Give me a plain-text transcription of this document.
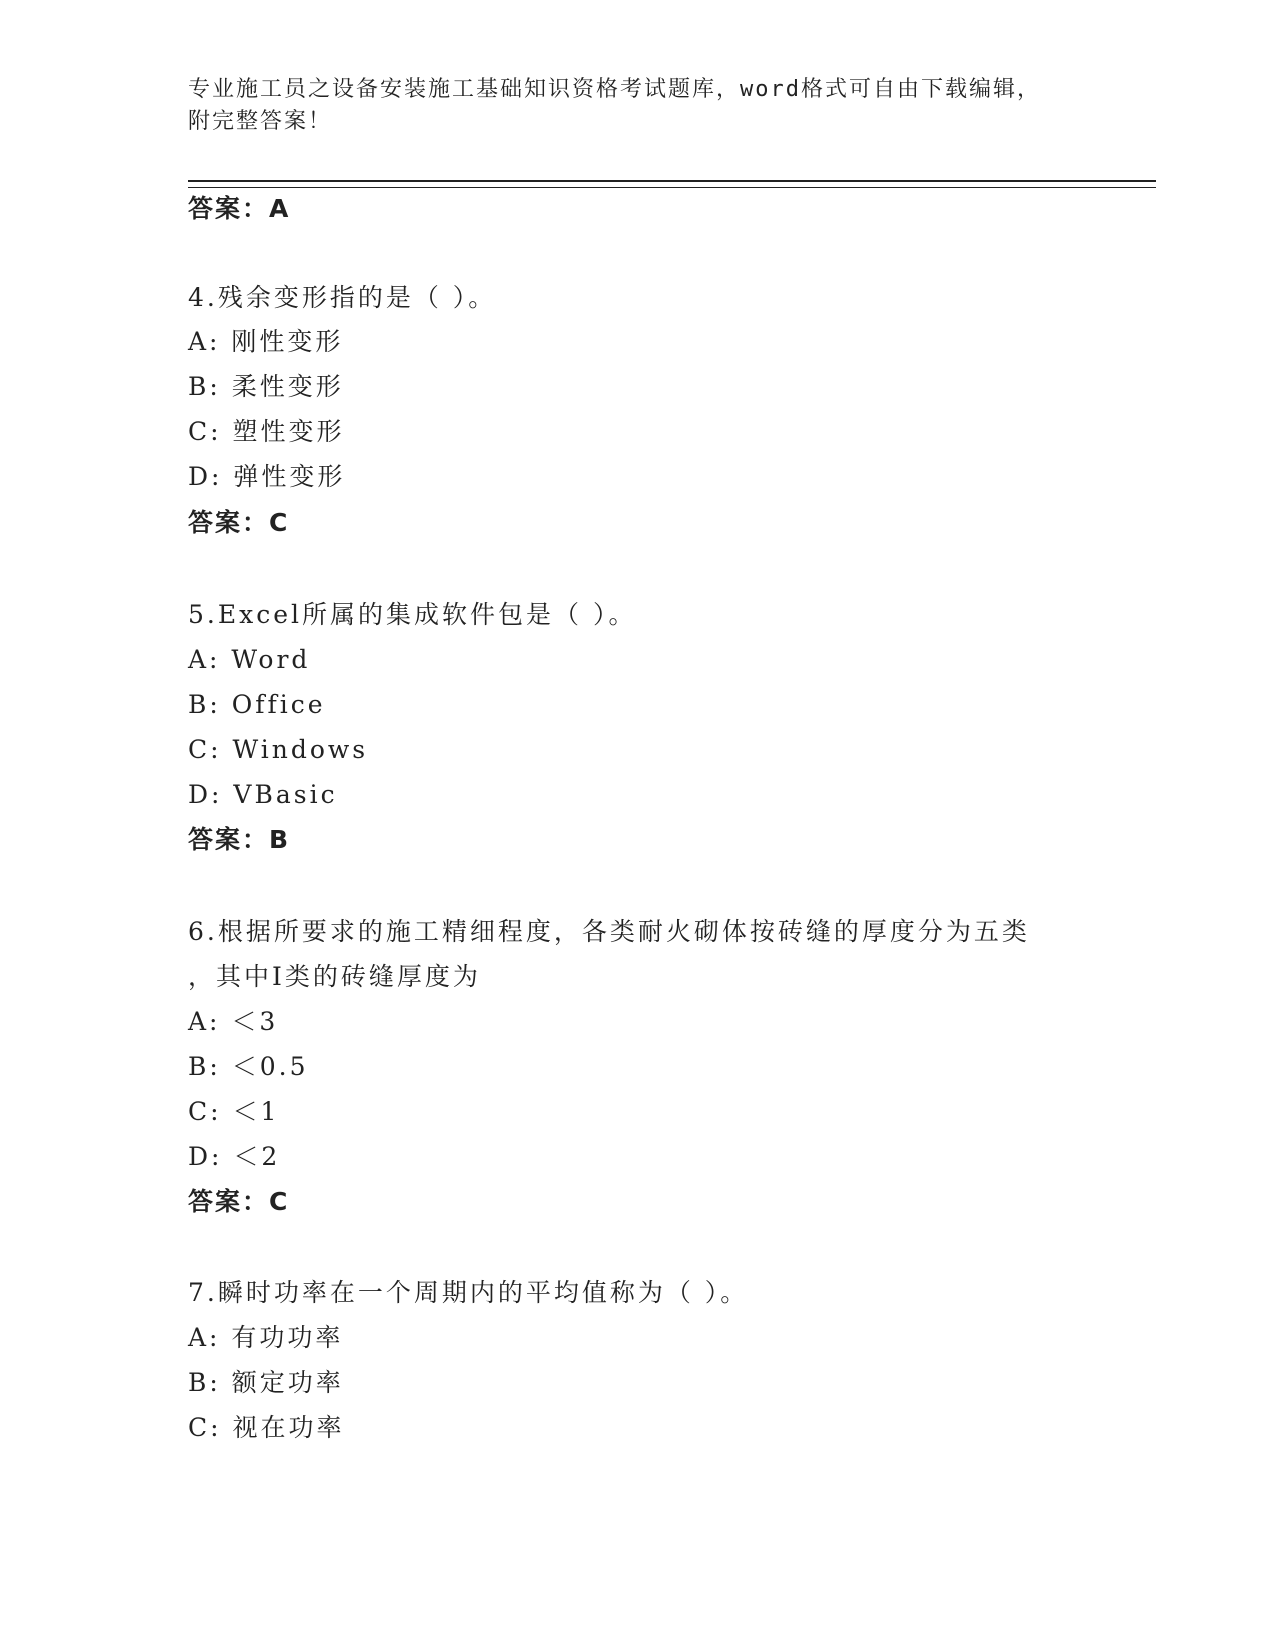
专业施工员之设备安装施工基础知识资格考试题库，word格式可自由下载编辑，
附完整答案！
答案：A
4.残余变形指的是（ ）。
A: 刚性变形
B: 柔性变形
C: 塑性变形
D: 弹性变形
答案：C
5.Excel所属的集成软件包是（ ）。
A: Word
B: Office
C: Windows
D: VBasic
答案：B
6.根据所要求的施工精细程度，各类耐火砌体按砖缝的厚度分为五类
，其中I类的砖缝厚度为
A: ＜3
B: ＜0.5
C: ＜1
D: ＜2
答案：C
7.瞬时功率在一个周期内的平均值称为（ ）。
A: 有功功率
B: 额定功率
C: 视在功率
